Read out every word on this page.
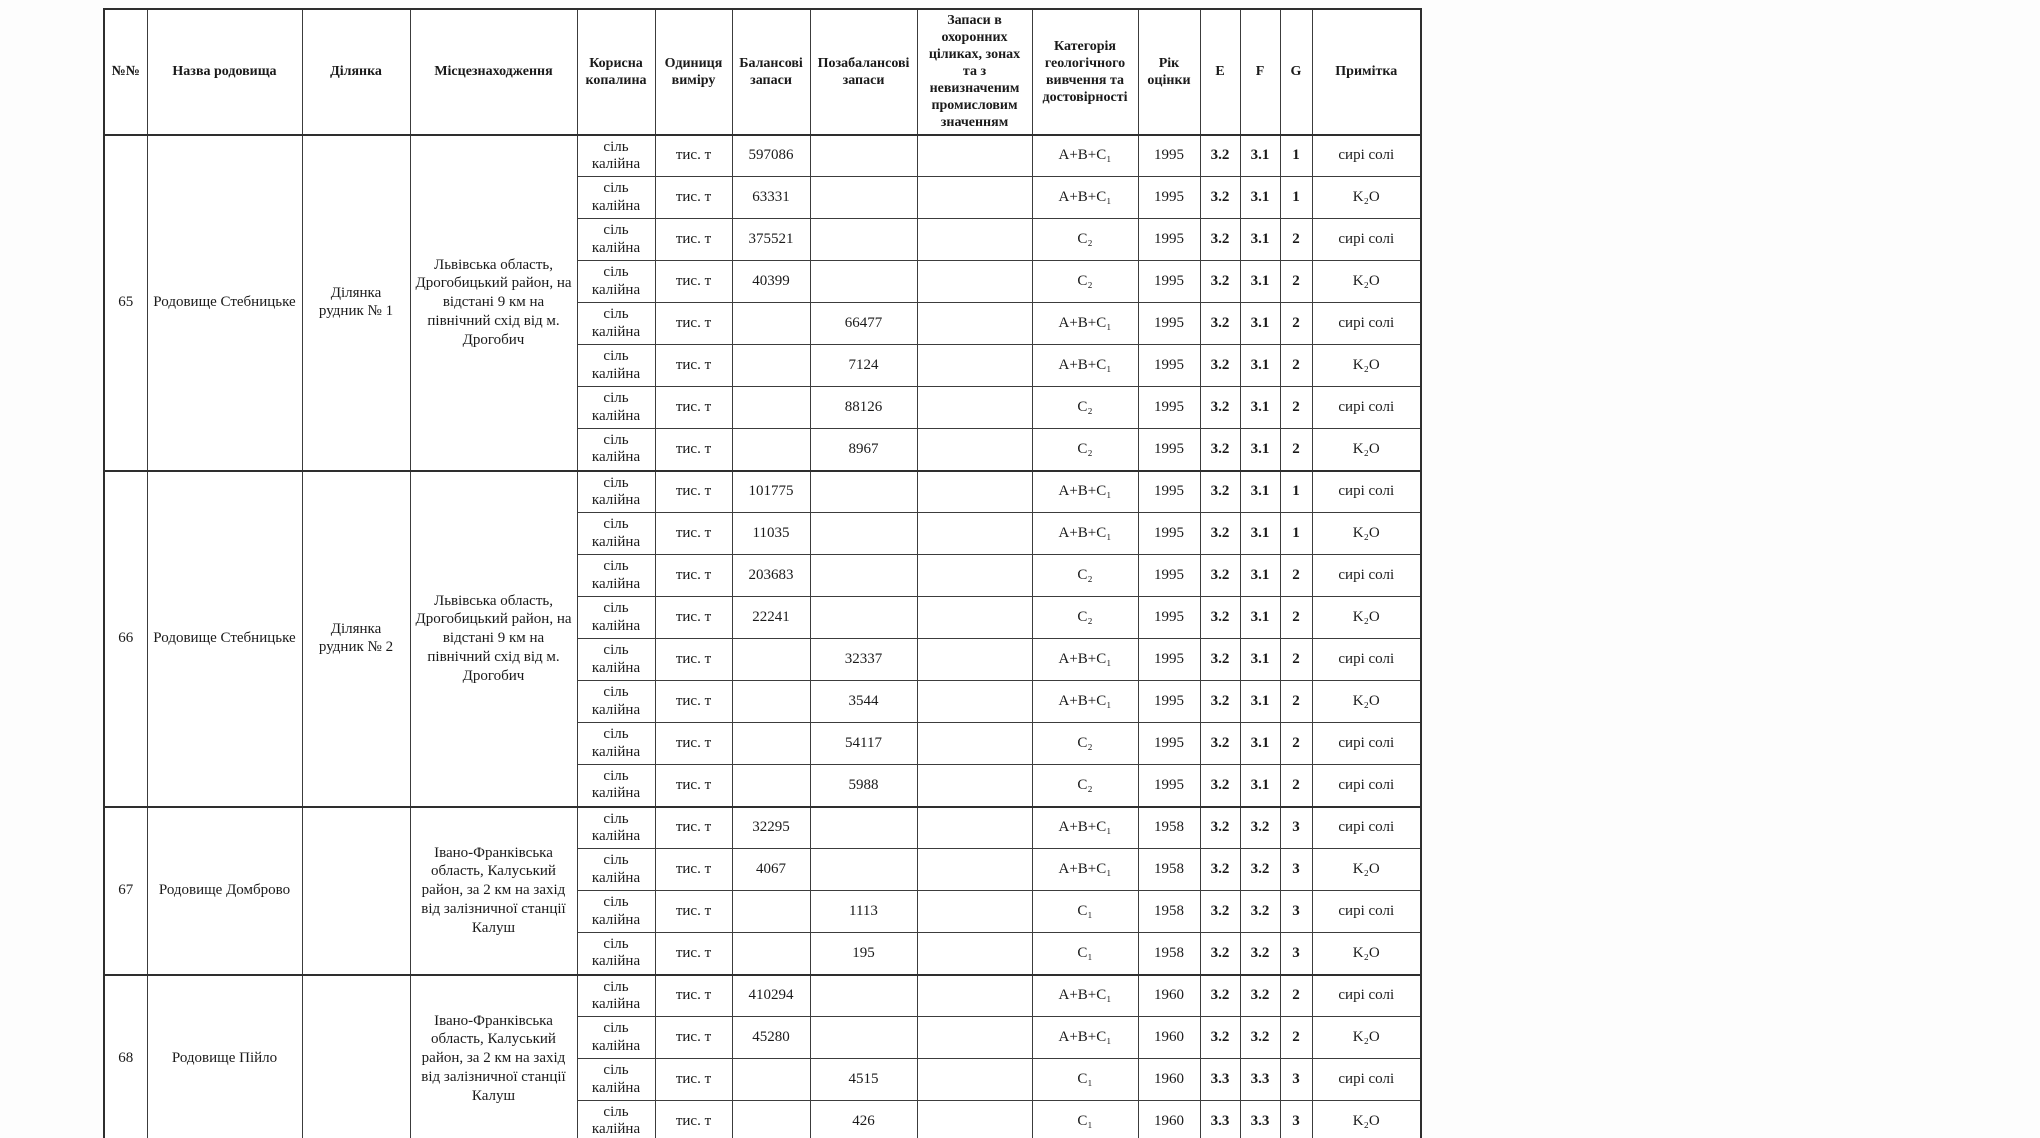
№№	Назва родовища	Ділянка	Місцезнаходження	Корисна копалина	Одиниця виміру	Балансові запаси	Позабалансові запаси	Запаси в охоронних ціликах, зонах та з невизначеним промисловим значенням	Категорія геологічного вивчення та достовірності	Рік оцінки	E	F	G	Примітка
65	Родовище Стебницьке	Ділянка рудник № 1	Львівська область, Дрогобицький район, на відстані 9 км на північний схід від м. Дрогобич	сіль калійна	тис. т	597086			A+B+C₁	1995	3.2	3.1	1	сирі солі
				сіль калійна	тис. т	63331			A+B+C₁	1995	3.2	3.1	1	K₂O
				сіль калійна	тис. т	375521			C₂	1995	3.2	3.1	2	сирі солі
				сіль калійна	тис. т	40399			C₂	1995	3.2	3.1	2	K₂O
				сіль калійна	тис. т		66477		A+B+C₁	1995	3.2	3.1	2	сирі солі
				сіль калійна	тис. т		7124		A+B+C₁	1995	3.2	3.1	2	K₂O
				сіль калійна	тис. т		88126		C₂	1995	3.2	3.1	2	сирі солі
				сіль калійна	тис. т		8967		C₂	1995	3.2	3.1	2	K₂O
66	Родовище Стебницьке	Ділянка рудник № 2	Львівська область, Дрогобицький район, на відстані 9 км на північний схід від м. Дрогобич	сіль калійна	тис. т	101775			A+B+C₁	1995	3.2	3.1	1	сирі солі
				сіль калійна	тис. т	11035			A+B+C₁	1995	3.2	3.1	1	K₂O
				сіль калійна	тис. т	203683			C₂	1995	3.2	3.1	2	сирі солі
				сіль калійна	тис. т	22241			C₂	1995	3.2	3.1	2	K₂O
				сіль калійна	тис. т		32337		A+B+C₁	1995	3.2	3.1	2	сирі солі
				сіль калійна	тис. т		3544		A+B+C₁	1995	3.2	3.1	2	K₂O
				сіль калійна	тис. т		54117		C₂	1995	3.2	3.1	2	сирі солі
				сіль калійна	тис. т		5988		C₂	1995	3.2	3.1	2	сирі солі
67	Родовище Домброво		Івано-Франківська область, Калуський район, за 2 км на захід від залізничної станції Калуш	сіль калійна	тис. т	32295			A+B+C₁	1958	3.2	3.2	3	сирі солі
				сіль калійна	тис. т	4067			A+B+C₁	1958	3.2	3.2	3	K₂O
				сіль калійна	тис. т		1113		C₁	1958	3.2	3.2	3	сирі солі
				сіль калійна	тис. т		195		C₁	1958	3.2	3.2	3	K₂O
68	Родовище Пійло		Івано-Франківська область, Калуський район, за 2 км на захід від залізничної станції Калуш	сіль калійна	тис. т	410294			A+B+C₁	1960	3.2	3.2	2	сирі солі
				сіль калійна	тис. т	45280			A+B+C₁	1960	3.2	3.2	2	K₂O
				сіль калійна	тис. т		4515		C₁	1960	3.3	3.3	3	сирі солі
				сіль калійна	тис. т		426		C₁	1960	3.3	3.3	3	K₂O
